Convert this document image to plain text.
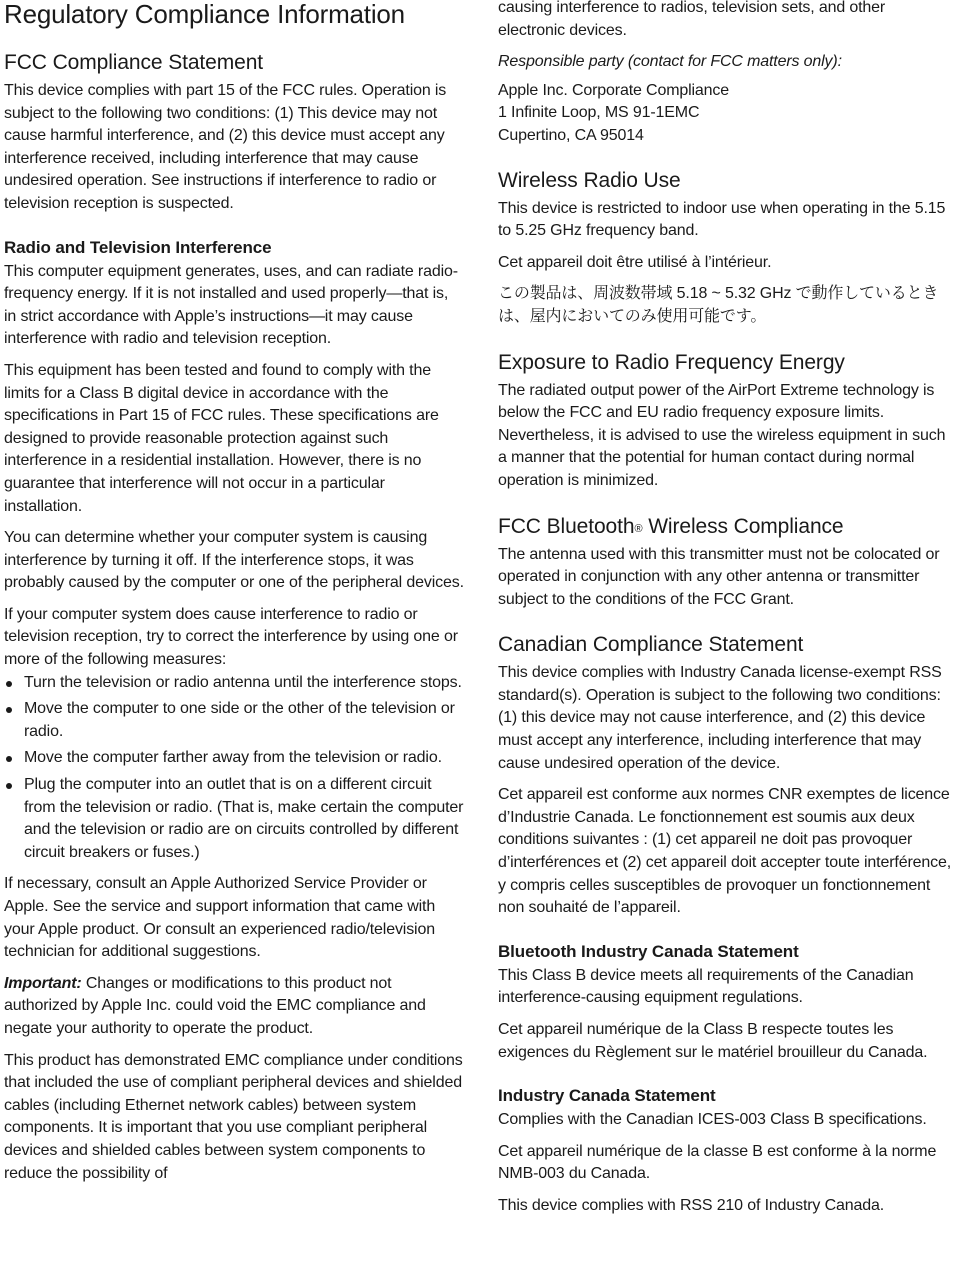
Regulatory Compliance Information
FCC Compliance Statement

This device complies with part 15 of the FCC rules. Operation is subject to the following two conditions: (1) This device may not cause harmful interference, and (2) this device must accept any interference received, including interference that may cause undesired operation. See instructions if interference to radio or television reception is suspected.

Radio and Television Interference

This computer equipment generates, uses, and can radiate radio-frequency energy. If it is not installed and used properly—that is, in strict accordance with Apple’s instructions—it may cause interference with radio and television reception.

This equipment has been tested and found to comply with the limits for a Class B digital device in accordance with the specifications in Part 15 of FCC rules. These specifications are designed to provide reasonable protection against such interference in a residential installation. However, there is no guarantee that interference will not occur in a particular installation.

You can determine whether your computer system is causing interference by turning it off. If the interference stops, it was probably caused by the computer or one of the peripheral devices.

If your computer system does cause interference to radio or television reception, try to correct the interference by using one or more of the following measures:

Turn the television or radio antenna until the interference stops.
Move the computer to one side or the other of the television or radio.
Move the computer farther away from the television or radio.
Plug the computer into an outlet that is on a different circuit from the television or radio. (That is, make certain the computer and the television or radio are on circuits controlled by different circuit breakers or fuses.)

If necessary, consult an Apple Authorized Service Provider or Apple. See the service and support information that came with your Apple product. Or consult an experienced radio/television technician for additional suggestions.

Important: Changes or modifications to this product not authorized by Apple Inc. could void the EMC compliance and negate your authority to operate the product.

This product has demonstrated EMC compliance under conditions that included the use of compliant peripheral devices and shielded cables (including Ethernet network cables) between system components. It is important that you use compliant peripheral devices and shielded cables between system components to reduce the possibility of

causing interference to radios, television sets, and other electronic devices.

Responsible party (contact for FCC matters only):

Apple Inc. Corporate Compliance

1 Infinite Loop, MS 91-1EMC

Cupertino, CA 95014

Wireless Radio Use

This device is restricted to indoor use when operating in the 5.15 to 5.25 GHz frequency band.

Cet appareil doit être utilisé à l’intérieur.

この製品は、周波数帯域 5.18 ~ 5.32 GHz で動作しているときは、屋内においてのみ使用可能です。

Exposure to Radio Frequency Energy

The radiated output power of the AirPort Extreme technology is below the FCC and EU radio frequency exposure limits. Nevertheless, it is advised to use the wireless equipment in such a manner that the potential for human contact during normal operation is minimized.

FCC Bluetooth® Wireless Compliance

The antenna used with this transmitter must not be colocated or operated in conjunction with any other antenna or transmitter subject to the conditions of the FCC Grant.

Canadian Compliance Statement

This device complies with Industry Canada license-exempt RSS standard(s). Operation is subject to the following two conditions: (1) this device may not cause interference, and (2) this device must accept any interference, including interference that may cause undesired operation of the device.

Cet appareil est conforme aux normes CNR exemptes de licence d’Industrie Canada. Le fonctionnement est soumis aux deux conditions suivantes : (1) cet appareil ne doit pas provoquer d’interférences et (2) cet appareil doit accepter toute interférence, y compris celles susceptibles de provoquer un fonctionnement non souhaité de l’appareil.

Bluetooth Industry Canada Statement

This Class B device meets all requirements of the Canadian interference-causing equipment regulations.

Cet appareil numérique de la Class B respecte toutes les exigences du Règlement sur le matériel brouilleur du Canada.

Industry Canada Statement

Complies with the Canadian ICES-003 Class B specifications.

Cet appareil numérique de la classe B est conforme à la norme NMB-003 du Canada.

This device complies with RSS 210 of Industry Canada.
